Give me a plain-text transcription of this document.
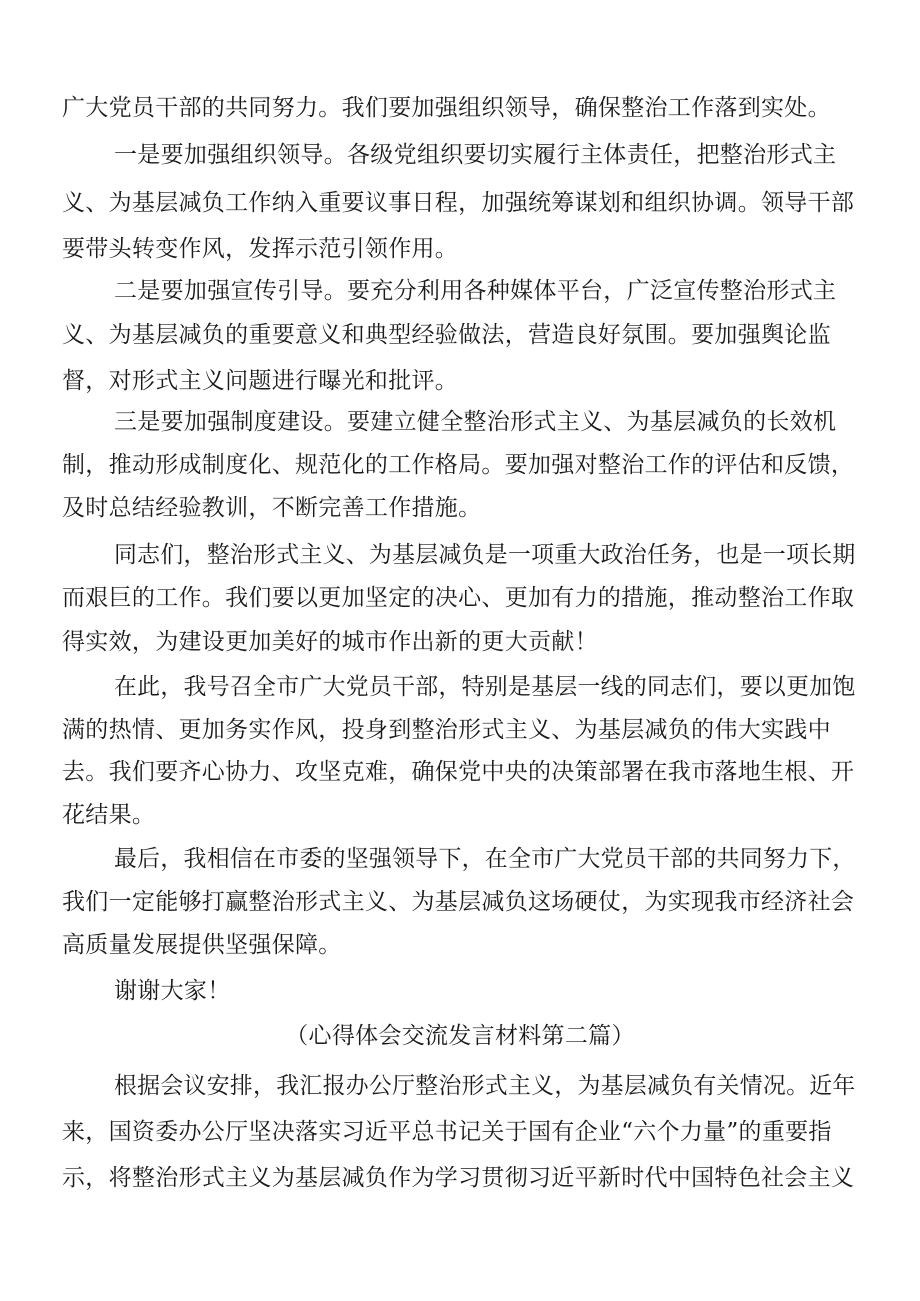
广大党员干部的共同努力。我们要加强组织领导，确保整治工作落到实处。
一是要加强组织领导。各级党组织要切实履行主体责任，把整治形式主
义、为基层减负工作纳入重要议事日程，加强统筹谋划和组织协调。领导干部
要带头转变作风，发挥示范引领作用。
二是要加强宣传引导。要充分利用各种媒体平台，广泛宣传整治形式主
义、为基层减负的重要意义和典型经验做法，营造良好氛围。要加强舆论监
督，对形式主义问题进行曝光和批评。
三是要加强制度建设。要建立健全整治形式主义、为基层减负的长效机
制，推动形成制度化、规范化的工作格局。要加强对整治工作的评估和反馈，
及时总结经验教训，不断完善工作措施。
同志们，整治形式主义、为基层减负是一项重大政治任务，也是一项长期
而艰巨的工作。我们要以更加坚定的决心、更加有力的措施，推动整治工作取
得实效，为建设更加美好的城市作出新的更大贡献！
在此，我号召全市广大党员干部，特别是基层一线的同志们，要以更加饱
满的热情、更加务实作风，投身到整治形式主义、为基层减负的伟大实践中
去。我们要齐心协力、攻坚克难，确保党中央的决策部署在我市落地生根、开
花结果。
最后，我相信在市委的坚强领导下，在全市广大党员干部的共同努力下，
我们一定能够打赢整治形式主义、为基层减负这场硬仗，为实现我市经济社会
高质量发展提供坚强保障。
谢谢大家！
（心得体会交流发言材料第二篇）
根据会议安排，我汇报办公厅整治形式主义，为基层减负有关情况。近年
来，国资委办公厅坚决落实习近平总书记关于国有企业“六个力量”的重要指
示，将整治形式主义为基层减负作为学习贯彻习近平新时代中国特色社会主义
